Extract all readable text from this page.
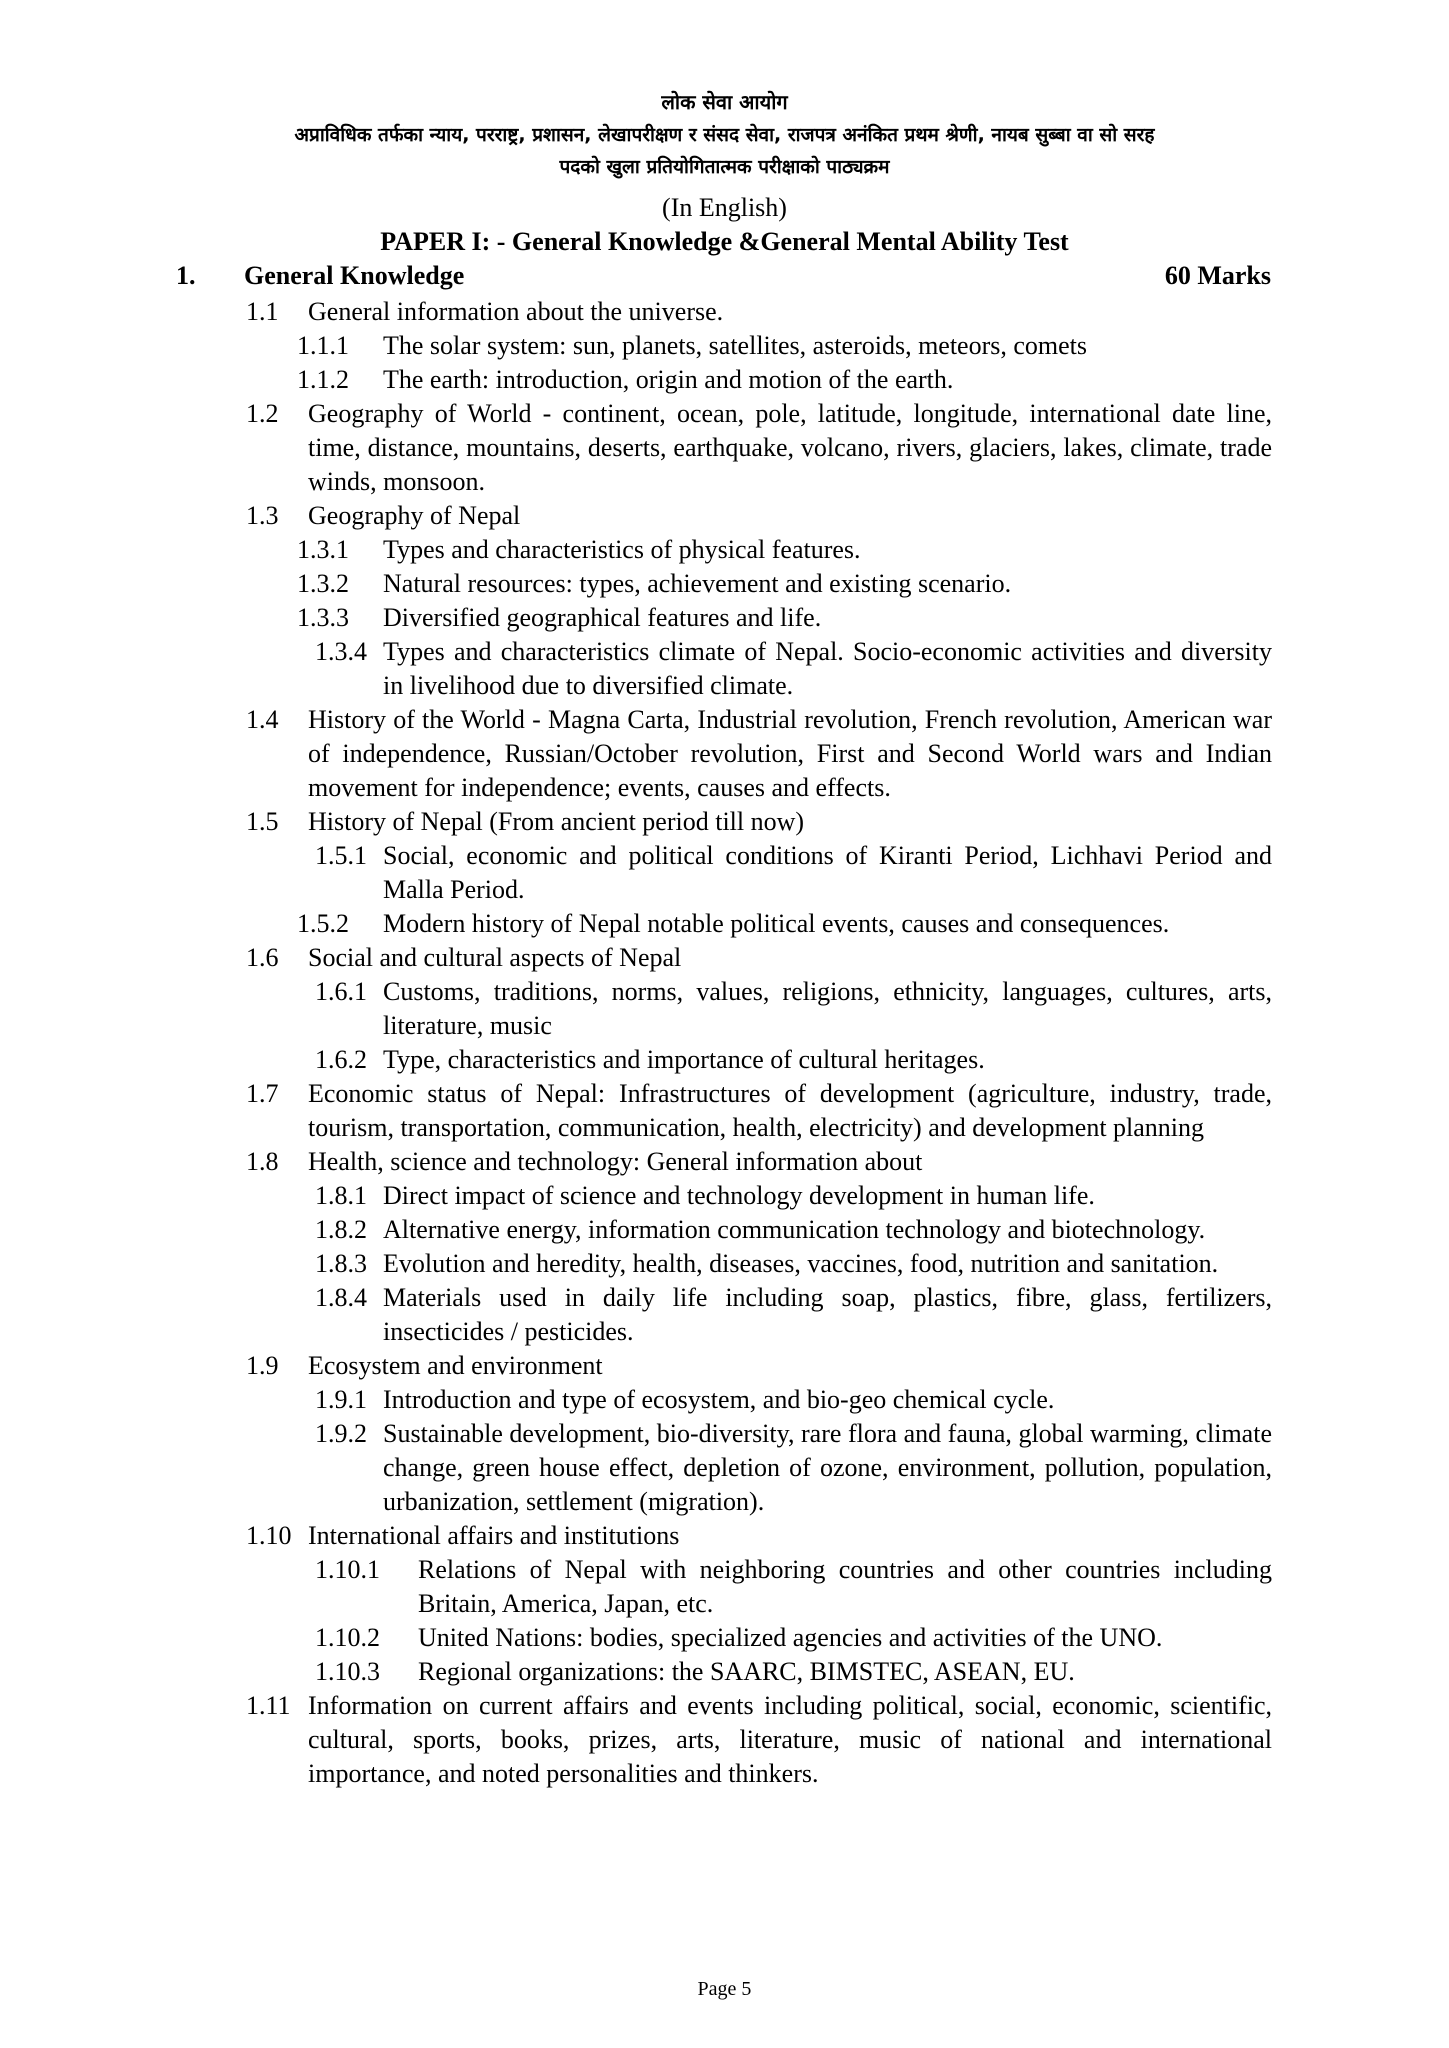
लोक सेवा आयोग
अप्राविधिक तर्फका न्याय, परराष्ट्र, प्रशासन, लेखापरीक्षण र संसद सेवा, राजपत्र अनंकित प्रथम श्रेणी, नायब सुब्बा वा सो सरह
पदको खुला प्रतियोगितात्मक परीक्षाको पाठ्यक्रम
(In English)
PAPER I: - General Knowledge &General Mental Ability Test
1. General Knowledge	60 Marks
1.1 General information about the universe.
1.1.1 The solar system: sun, planets, satellites, asteroids, meteors, comets
1.1.2 The earth: introduction, origin and motion of the earth.
1.2 Geography of World - continent, ocean, pole, latitude, longitude, international date line, time, distance, mountains, deserts, earthquake, volcano, rivers, glaciers, lakes, climate, trade winds, monsoon.
1.3 Geography of Nepal
1.3.1 Types and characteristics of physical features.
1.3.2 Natural resources: types, achievement and existing scenario.
1.3.3 Diversified geographical features and life.
1.3.4 Types and characteristics climate of Nepal. Socio-economic activities and diversity in livelihood due to diversified climate.
1.4 History of the World - Magna Carta, Industrial revolution, French revolution, American war of independence, Russian/October revolution, First and Second World wars and Indian movement for independence; events, causes and effects.
1.5 History of Nepal (From ancient period till now)
1.5.1 Social, economic and political conditions of Kiranti Period, Lichhavi Period and Malla Period.
1.5.2 Modern history of Nepal notable political events, causes and consequences.
1.6 Social and cultural aspects of Nepal
1.6.1 Customs, traditions, norms, values, religions, ethnicity, languages, cultures, arts, literature, music
1.6.2 Type, characteristics and importance of cultural heritages.
1.7 Economic status of Nepal: Infrastructures of development (agriculture, industry, trade, tourism, transportation, communication, health, electricity) and development planning
1.8 Health, science and technology: General information about
1.8.1 Direct impact of science and technology development in human life.
1.8.2 Alternative energy, information communication technology and biotechnology.
1.8.3 Evolution and heredity, health, diseases, vaccines, food, nutrition and sanitation.
1.8.4 Materials used in daily life including soap, plastics, fibre, glass, fertilizers, insecticides / pesticides.
1.9 Ecosystem and environment
1.9.1 Introduction and type of ecosystem, and bio-geo chemical cycle.
1.9.2 Sustainable development, bio-diversity, rare flora and fauna, global warming, climate change, green house effect, depletion of ozone, environment, pollution, population, urbanization, settlement (migration).
1.10 International affairs and institutions
1.10.1 Relations of Nepal with neighboring countries and other countries including Britain, America, Japan, etc.
1.10.2 United Nations: bodies, specialized agencies and activities of the UNO.
1.10.3 Regional organizations: the SAARC, BIMSTEC, ASEAN, EU.
1.11 Information on current affairs and events including political, social, economic, scientific, cultural, sports, books, prizes, arts, literature, music of national and international importance, and noted personalities and thinkers.
Page 5
